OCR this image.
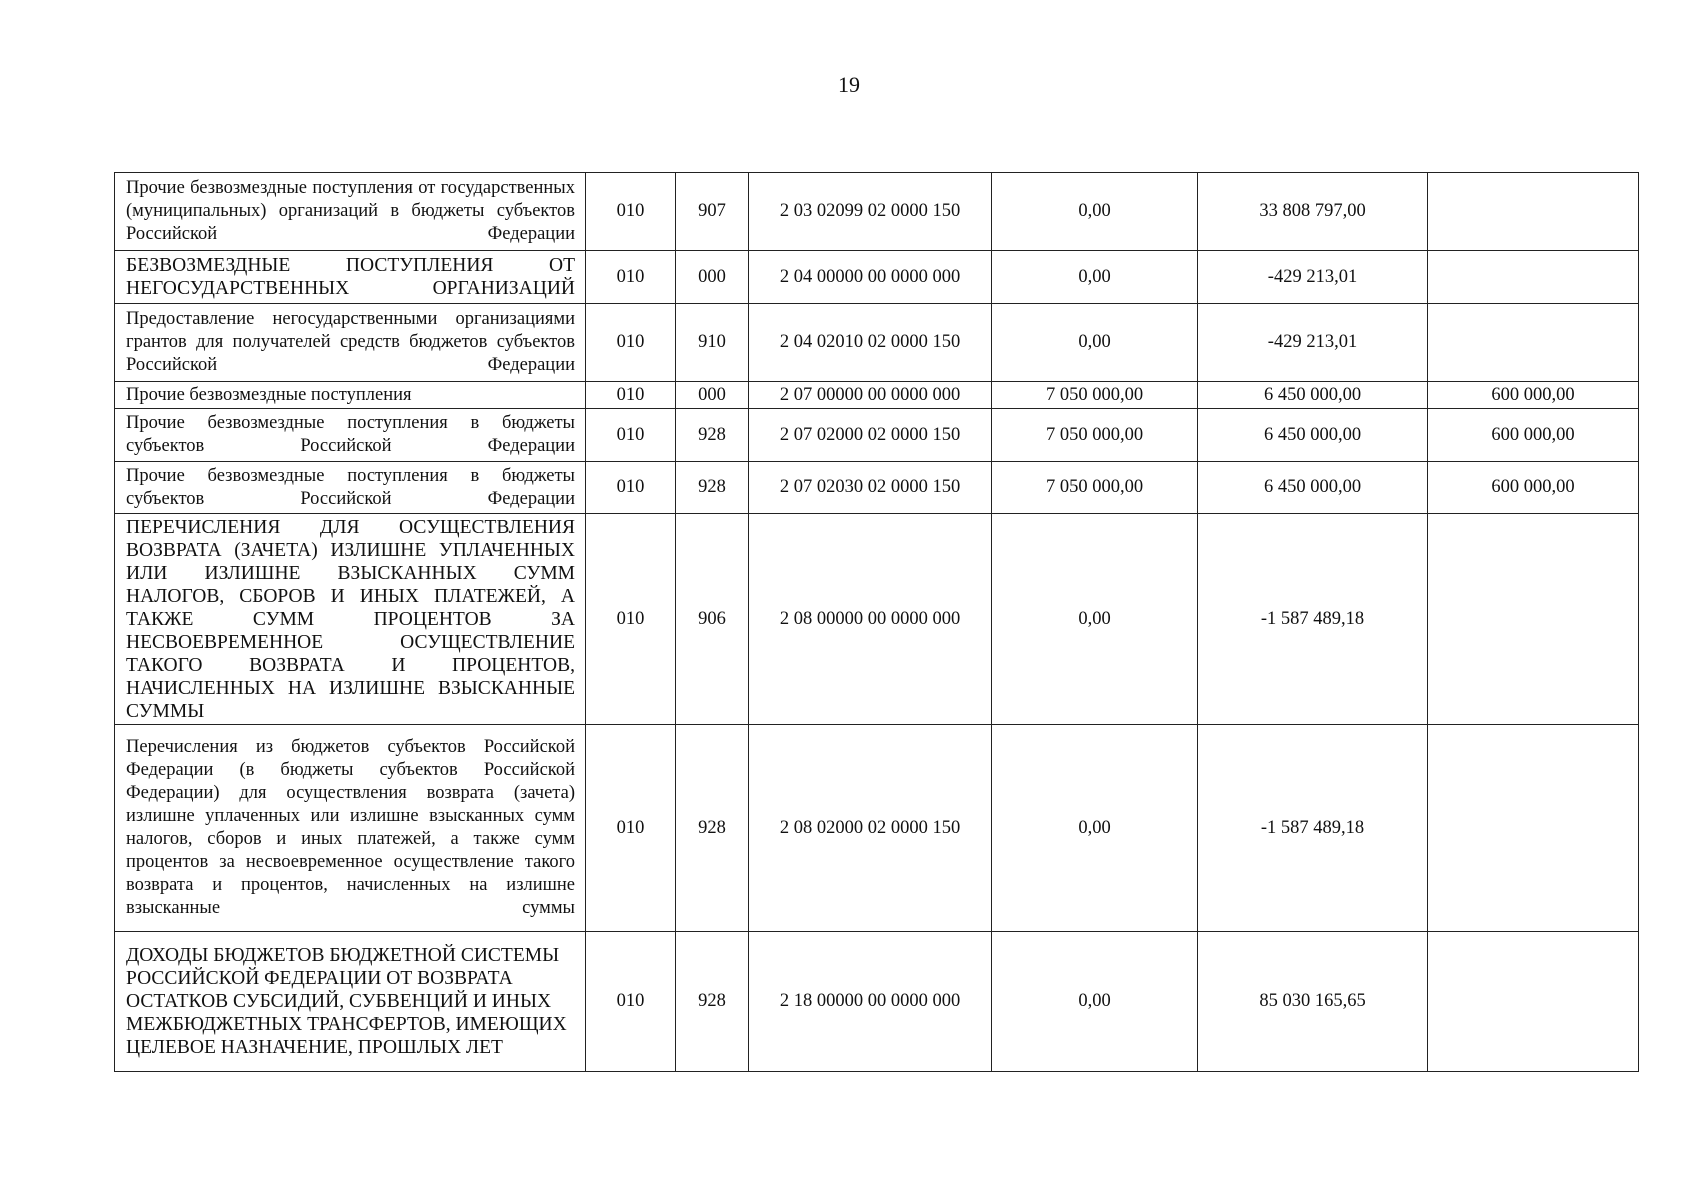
19
Прочие безвозмездные поступления от государственных (муниципальных) организаций в бюджеты субъектов Российской Федерации	010	907	2 03 02099 02 0000 150	0,00	33 808 797,00	
БЕЗВОЗМЕЗДНЫЕ ПОСТУПЛЕНИЯ ОТ НЕГОСУДАРСТВЕННЫХ ОРГАНИЗАЦИЙ	010	000	2 04 00000 00 0000 000	0,00	-429 213,01	
Предоставление негосударственными организациями грантов для получателей средств бюджетов субъектов Российской Федерации	010	910	2 04 02010 02 0000 150	0,00	-429 213,01	
Прочие безвозмездные поступления	010	000	2 07 00000 00 0000 000	7 050 000,00	6 450 000,00	600 000,00
Прочие безвозмездные поступления в бюджеты субъектов Российской Федерации	010	928	2 07 02000 02 0000 150	7 050 000,00	6 450 000,00	600 000,00
Прочие безвозмездные поступления в бюджеты субъектов Российской Федерации	010	928	2 07 02030 02 0000 150	7 050 000,00	6 450 000,00	600 000,00
ПЕРЕЧИСЛЕНИЯ ДЛЯ ОСУЩЕСТВЛЕНИЯ ВОЗВРАТА (ЗАЧЕТА) ИЗЛИШНЕ УПЛАЧЕННЫХ ИЛИ ИЗЛИШНЕ ВЗЫСКАННЫХ СУММ НАЛОГОВ, СБОРОВ И ИНЫХ ПЛАТЕЖЕЙ, А ТАКЖЕ СУММ ПРОЦЕНТОВ ЗА НЕСВОЕВРЕМЕННОЕ ОСУЩЕСТВЛЕНИЕ ТАКОГО ВОЗВРАТА И ПРОЦЕНТОВ, НАЧИСЛЕННЫХ НА ИЗЛИШНЕ ВЗЫСКАННЫЕ СУММЫ	010	906	2 08 00000 00 0000 000	0,00	-1 587 489,18	
Перечисления из бюджетов субъектов Российской Федерации (в бюджеты субъектов Российской Федерации) для осуществления возврата (зачета) излишне уплаченных или излишне взысканных сумм налогов, сборов и иных платежей, а также сумм процентов за несвоевременное осуществление такого возврата и процентов, начисленных на излишне взысканные суммы	010	928	2 08 02000 02 0000 150	0,00	-1 587 489,18	
ДОХОДЫ БЮДЖЕТОВ БЮДЖЕТНОЙ СИСТЕМЫ РОССИЙСКОЙ ФЕДЕРАЦИИ ОТ ВОЗВРАТА ОСТАТКОВ СУБСИДИЙ, СУБВЕНЦИЙ И ИНЫХ МЕЖБЮДЖЕТНЫХ ТРАНСФЕРТОВ, ИМЕЮЩИХ ЦЕЛЕВОЕ НАЗНАЧЕНИЕ, ПРОШЛЫХ ЛЕТ	010	928	2 18 00000 00 0000 000	0,00	85 030 165,65	
